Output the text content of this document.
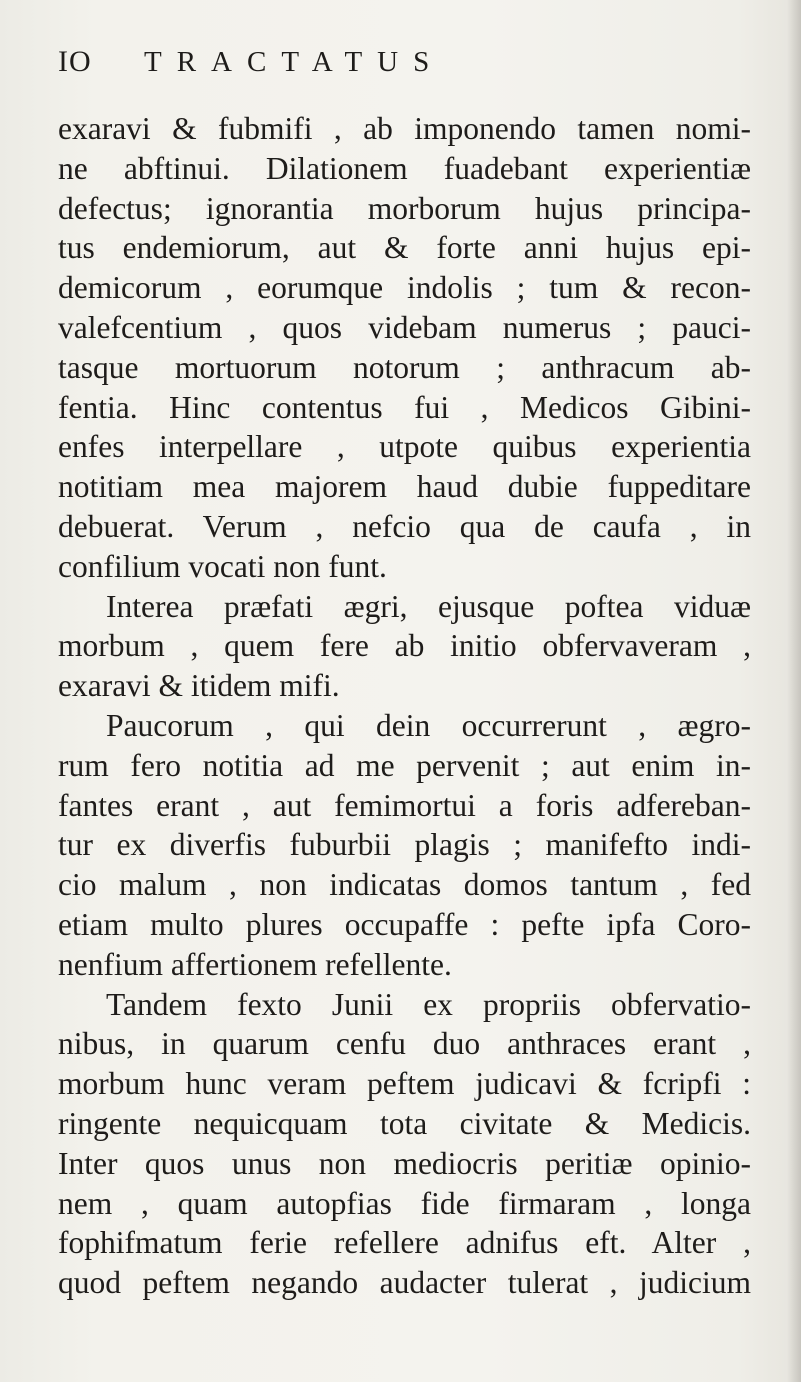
IO TRACTATUS
exaravi & fubmifi , ab imponendo tamen nomi-
ne abftinui. Dilationem fuadebant experientiæ
defectus; ignorantia morborum hujus principa-
tus endemiorum, aut & forte anni hujus epi-
demicorum , eorumque indolis ; tum & recon-
valefcentium , quos videbam numerus ; pauci-
tasque mortuorum notorum ; anthracum ab-
fentia. Hinc contentus fui , Medicos Gibini-
enfes interpellare , utpote quibus experientia
notitiam mea majorem haud dubie fuppeditare
debuerat. Verum , nefcio qua de caufa , in
confilium vocati non funt.
Interea præfati ægri, ejusque poftea viduæ
morbum , quem fere ab initio obfervaveram ,
exaravi & itidem mifi.
Paucorum , qui dein occurrerunt , ægro-
rum fero notitia ad me pervenit ; aut enim in-
fantes erant , aut femimortui a foris adfereban-
tur ex diverfis fuburbii plagis ; manifefto indi-
cio malum , non indicatas domos tantum , fed
etiam multo plures occupaffe : pefte ipfa Coro-
nenfium affertionem refellente.
Tandem fexto Junii ex propriis obfervatio-
nibus, in quarum cenfu duo anthraces erant ,
morbum hunc veram peftem judicavi & fcripfi :
ringente nequicquam tota civitate & Medicis.
Inter quos unus non mediocris peritiæ opinio-
nem , quam autopfias fide firmaram , longa
fophifmatum ferie refellere adnifus eft. Alter ,
quod peftem negando audacter tulerat , judicium
